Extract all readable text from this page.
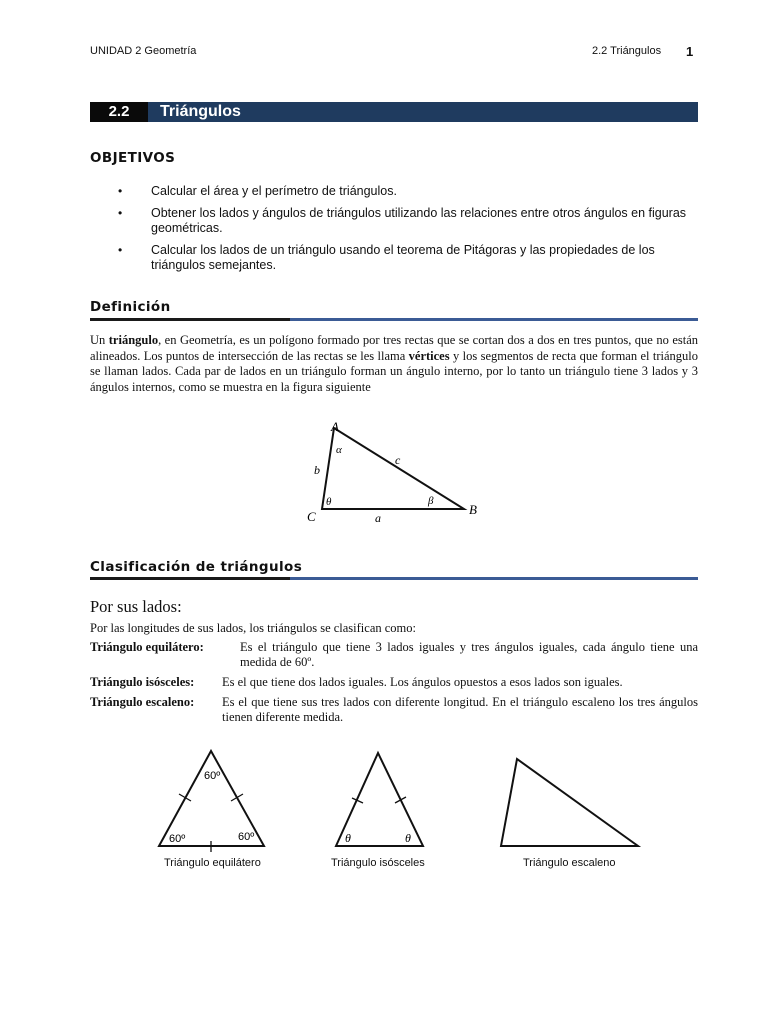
UNIDAD 2 Geometría	2.2 Triángulos 1
2.2	Triángulos
OBJETIVOS
• Calcular el área y el perímetro de triángulos.
• Obtener los lados y ángulos de triángulos utilizando las relaciones entre otros ángulos en figuras geométricas.
• Calcular los lados de un triángulo usando el teorema de Pitágoras y las propiedades de los triángulos semejantes.
Definición
Un triángulo, en Geometría, es un polígono formado por tres rectas que se cortan dos a dos en tres puntos, que no están alineados. Los puntos de intersección de las rectas se les llama vértices y los segmentos de recta que forman el triángulo se llaman lados. Cada par de lados en un triángulo forman un ángulo interno, por lo tanto un triángulo tiene 3 lados y 3 ángulos internos, como se muestra en la figura siguiente
A
B
C	a
b
c
α
β
θ
Clasificación de triángulos
Por sus lados:
Por las longitudes de sus lados, los triángulos se clasifican como:
Triángulo equilátero:	Es el triángulo que tiene 3 lados iguales y tres ángulos iguales, cada ángulo tiene una medida de 60º.
Triángulo isósceles: Es el que tiene dos lados iguales. Los ángulos opuestos a esos lados son iguales.
Triángulo escaleno: Es el que tiene sus tres lados con diferente longitud. En el triángulo escaleno los tres ángulos tienen diferente medida.
60º
60º	60º	θ	θ
Triángulo equilátero	Triángulo isósceles	Triángulo escaleno
